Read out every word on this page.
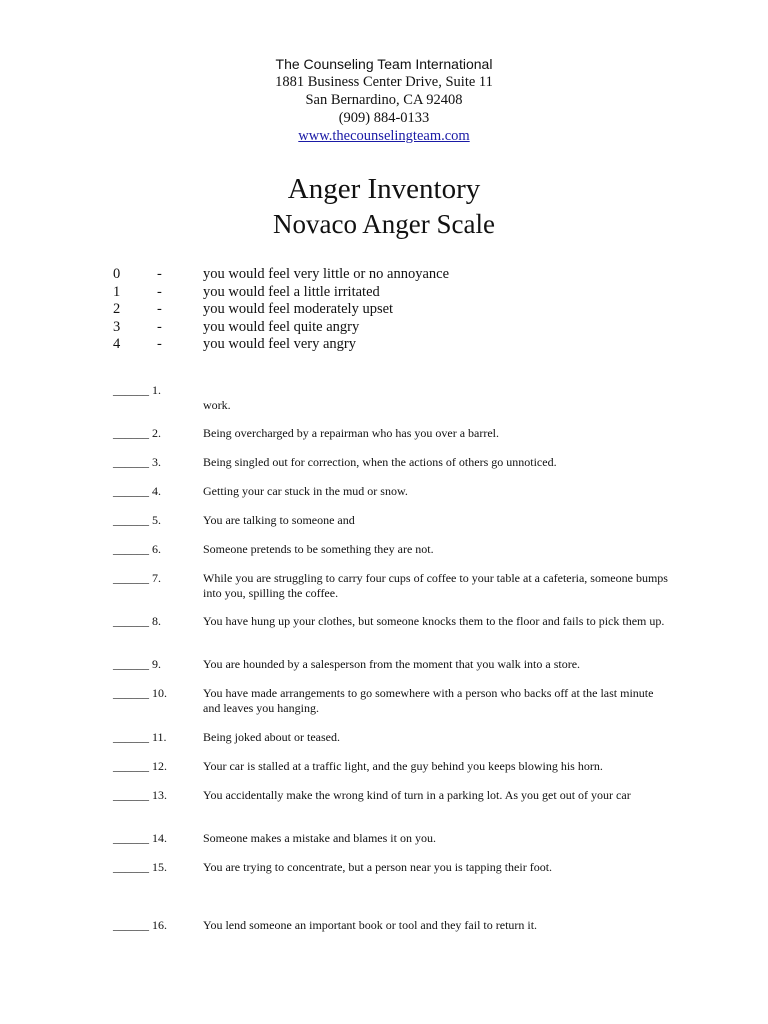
The Counseling Team International
1881 Business Center Drive, Suite 11
San Bernardino, CA 92408
(909) 884-0133
www.thecounselingteam.com
Anger Inventory
Novaco Anger Scale
0	-	you would feel very little or no annoyance
1	-	you would feel a little irritated
2	-	you would feel moderately upset
3	-	you would feel quite angry
4	-	you would feel very angry
______ 1.
work.
______ 2.	Being overcharged by a repairman who has you over a barrel.
______ 3.	Being singled out for correction, when the actions of others go unnoticed.
______ 4.	Getting your car stuck in the mud or snow.
______ 5.	You are talking to someone and
______ 6.	Someone pretends to be something they are not.
______ 7.	While you are struggling to carry four cups of coffee to your table at a cafeteria, someone bumps into you, spilling the coffee.
______ 8.	You have hung up your clothes, but someone knocks them to the floor and fails to pick them up.
______ 9.	You are hounded by a salesperson from the moment that you walk into a store.
______ 10.	You have made arrangements to go somewhere with a person who backs off at the last minute and leaves you hanging.
______ 11.	Being joked about or teased.
______ 12.	Your car is stalled at a traffic light, and the guy behind you keeps blowing his horn.
______ 13.	You accidentally make the wrong kind of turn in a parking lot. As you get out of your car
______ 14.	Someone makes a mistake and blames it on you.
______ 15.	You are trying to concentrate, but a person near you is tapping their foot.
______ 16.	You lend someone an important book or tool and they fail to return it.
